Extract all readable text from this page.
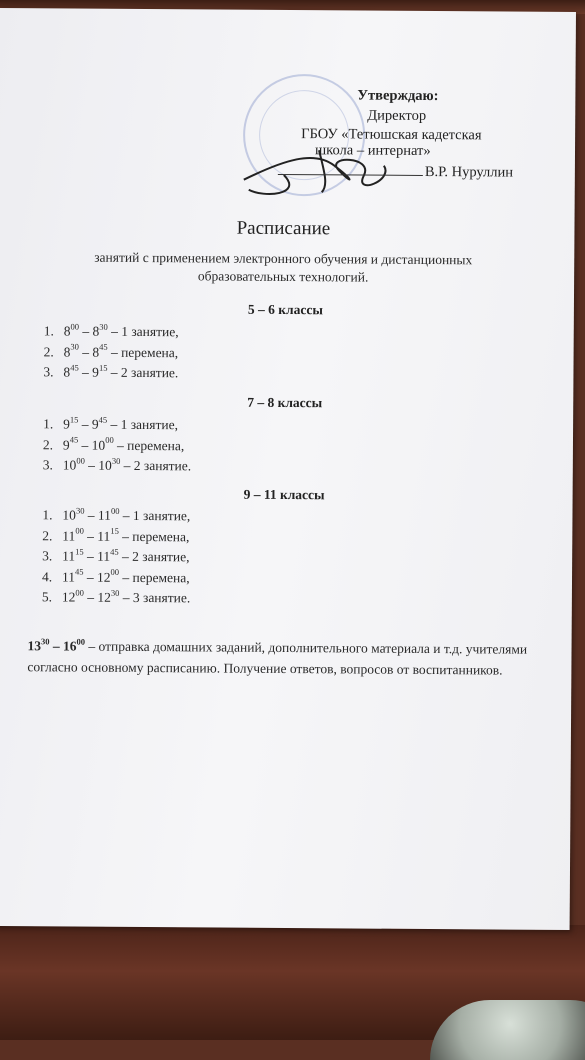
Утверждаю:
Директор
ГБОУ «Тетюшская кадетская
школа – интернат»
В.Р. Нуруллин
Расписание
занятий с применением электронного обучения и дистанционных образовательных технологий.
5 – 6 классы
1. $8^{00} - 8^{30} - 1$ занятие,
2. $8^{30} - 8^{45}$ – перемена,
3. $8^{45} - 9^{15} - 2$ занятие.
7 – 8 классы
1. $9^{15} - 9^{45} - 1$ занятие,
2. $9^{45} - 10^{00}$ – перемена,
3. $10^{00} - 10^{30} - 2$ занятие.
9 – 11 классы
1. $10^{30} - 11^{00} - 1$ занятие,
2. $11^{00} - 11^{15}$ – перемена,
3. $11^{15} - 11^{45} - 2$ занятие,
4. $11^{45} - 12^{00}$ – перемена,
5. $12^{00} - 12^{30} - 3$ занятие.
$13^{30} - 16^{00}$ – отправка домашних заданий, дополнительного материала и т.д. учителями согласно основному расписанию. Получение ответов, вопросов от воспитанников.
